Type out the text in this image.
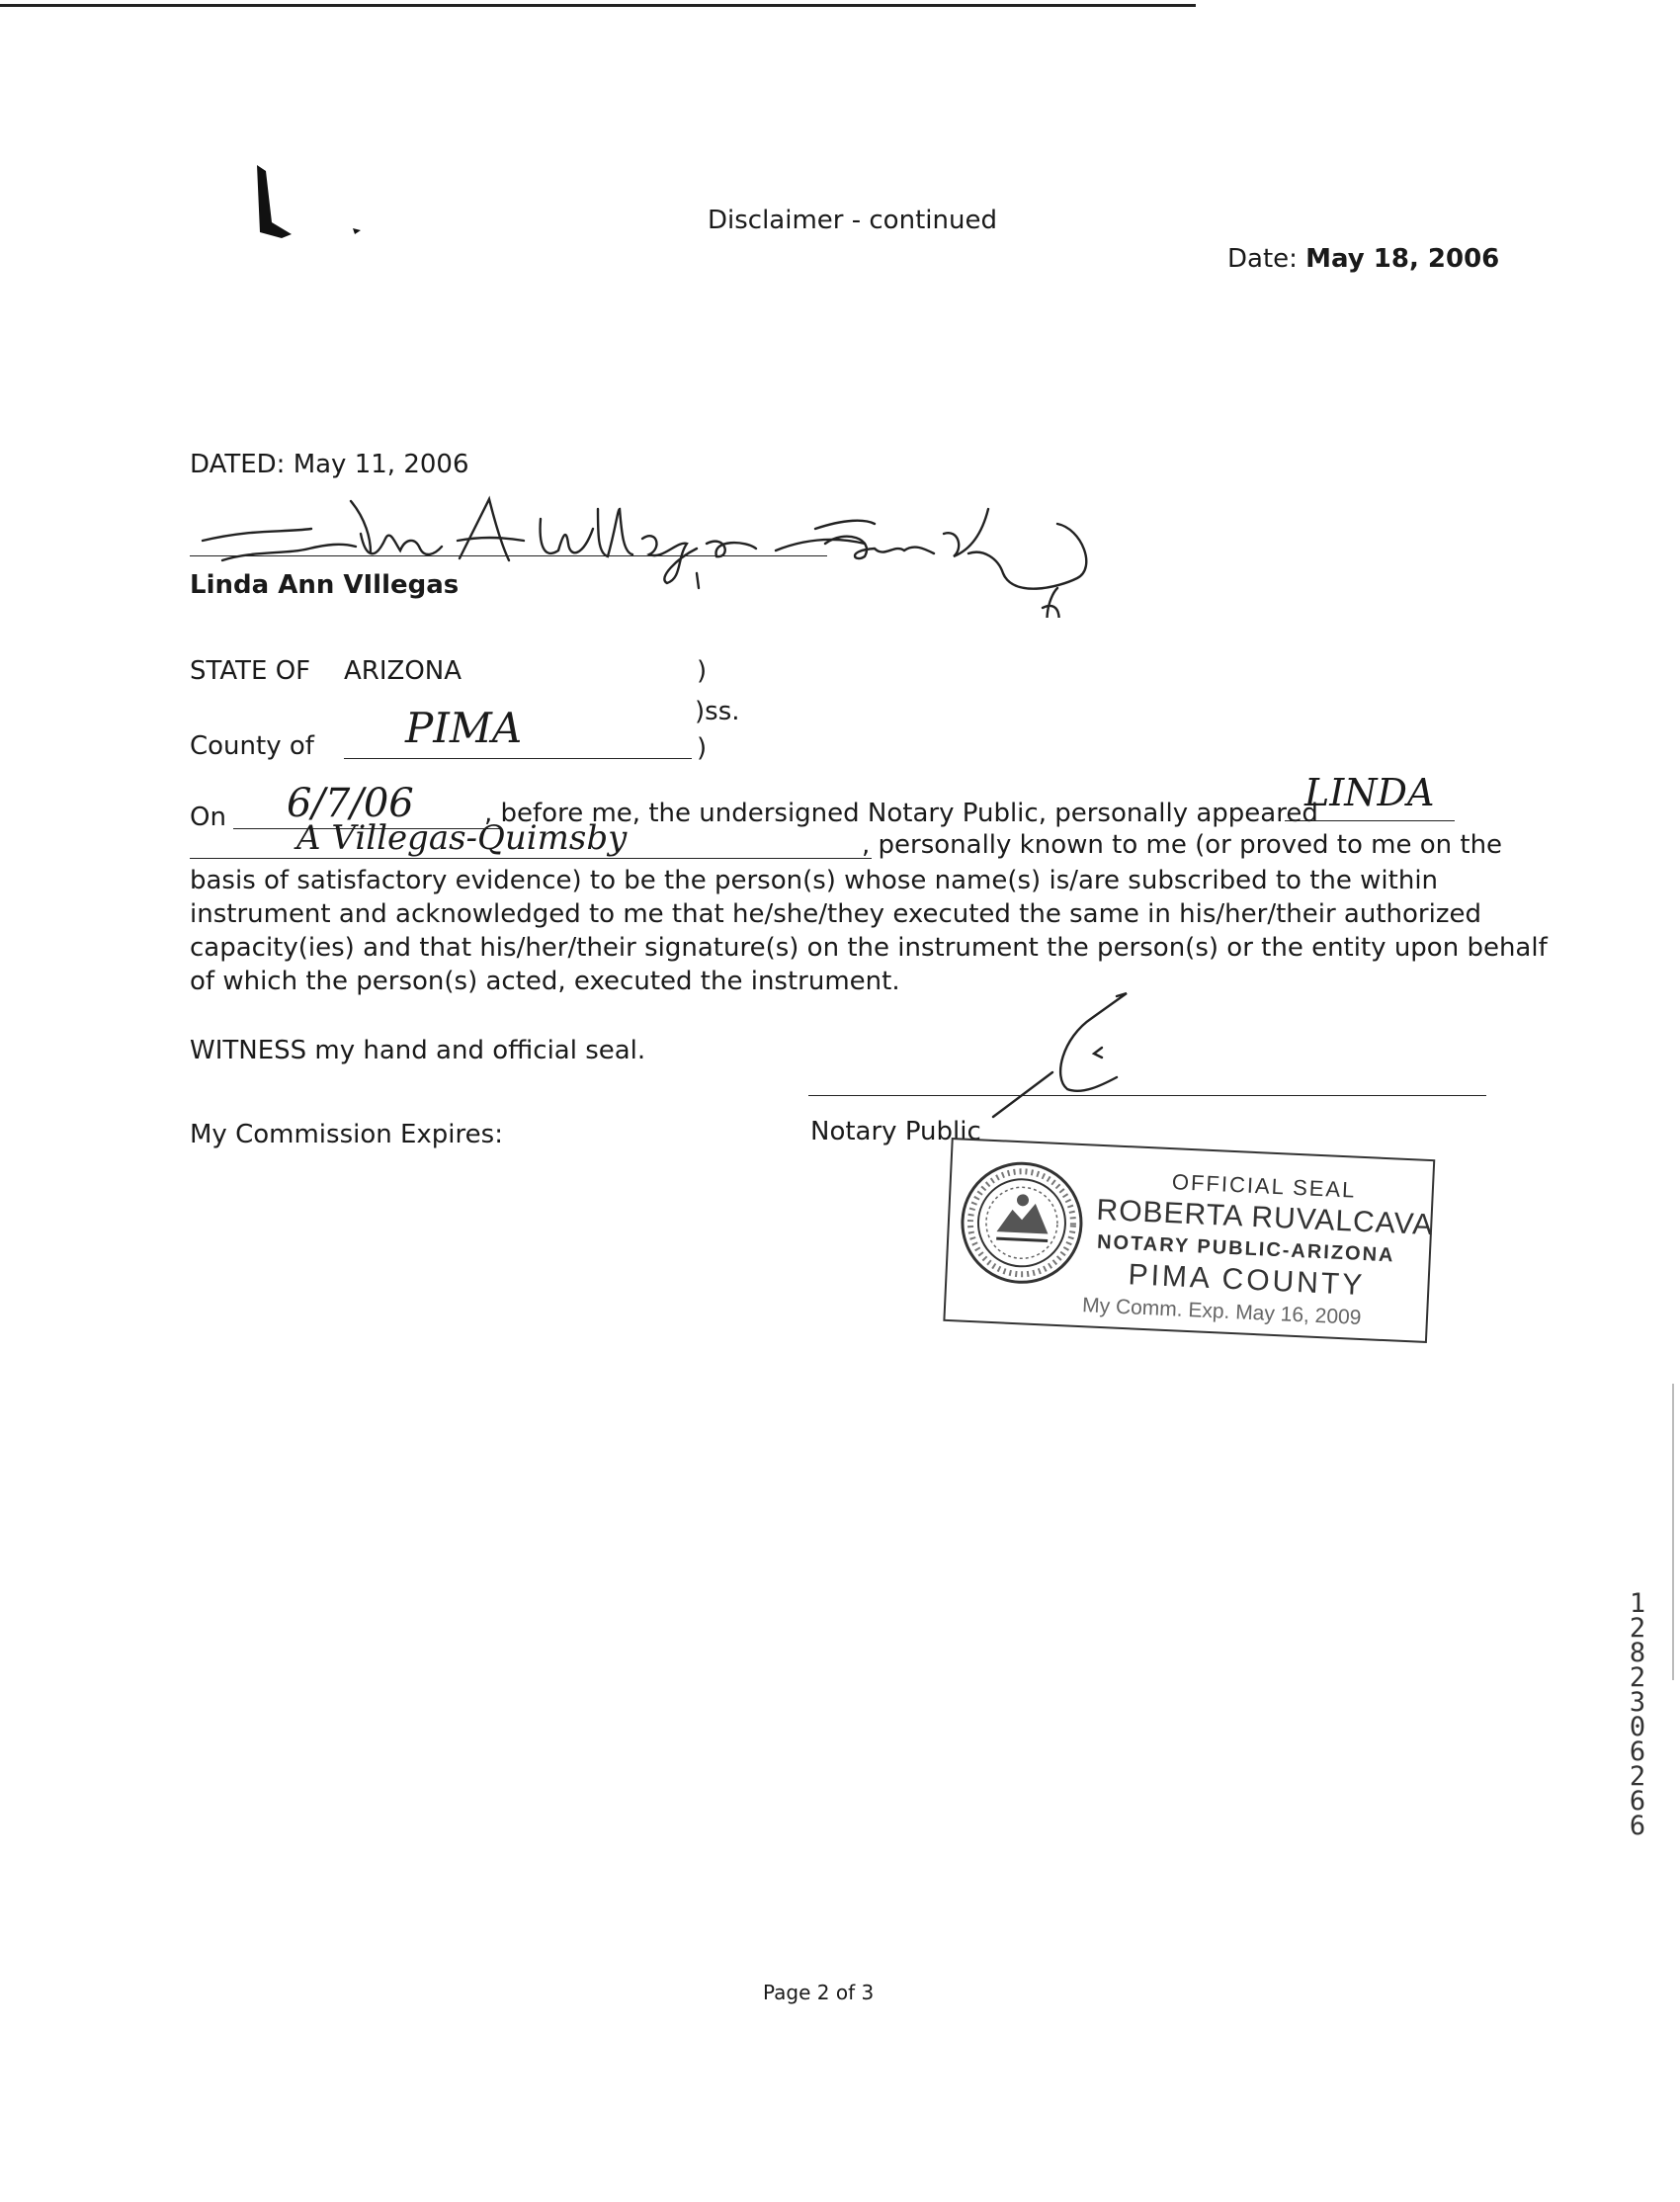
Disclaimer - continued
Date: May 18, 2006
DATED: May 11, 2006
Linda Ann VIllegas
STATE OF ARIZONA	)
)ss.
County of PIMA	)
On 6/7/06	, before me, the undersigned Notary Public, personally appeared
LINDA
A Villegas-Quimsby	, personally known to me (or proved to me on the
basis of satisfactory evidence) to be the person(s) whose name(s) is/are subscribed to the within
instrument and acknowledged to me that he/she/they executed the same in his/her/their authorized
capacity(ies) and that his/her/their signature(s) on the instrument the person(s) or the entity upon behalf
of which the person(s) acted, executed the instrument.
WITNESS my hand and official seal.
My Commission Expires:	Notary Public
OFFICIAL SEAL
ROBERTA RUVALCAVA
NOTARY PUBLIC-ARIZONA
PIMA COUNTY
My Comm. Exp. May 16, 2009
Page 2 of 3
12823 06266
